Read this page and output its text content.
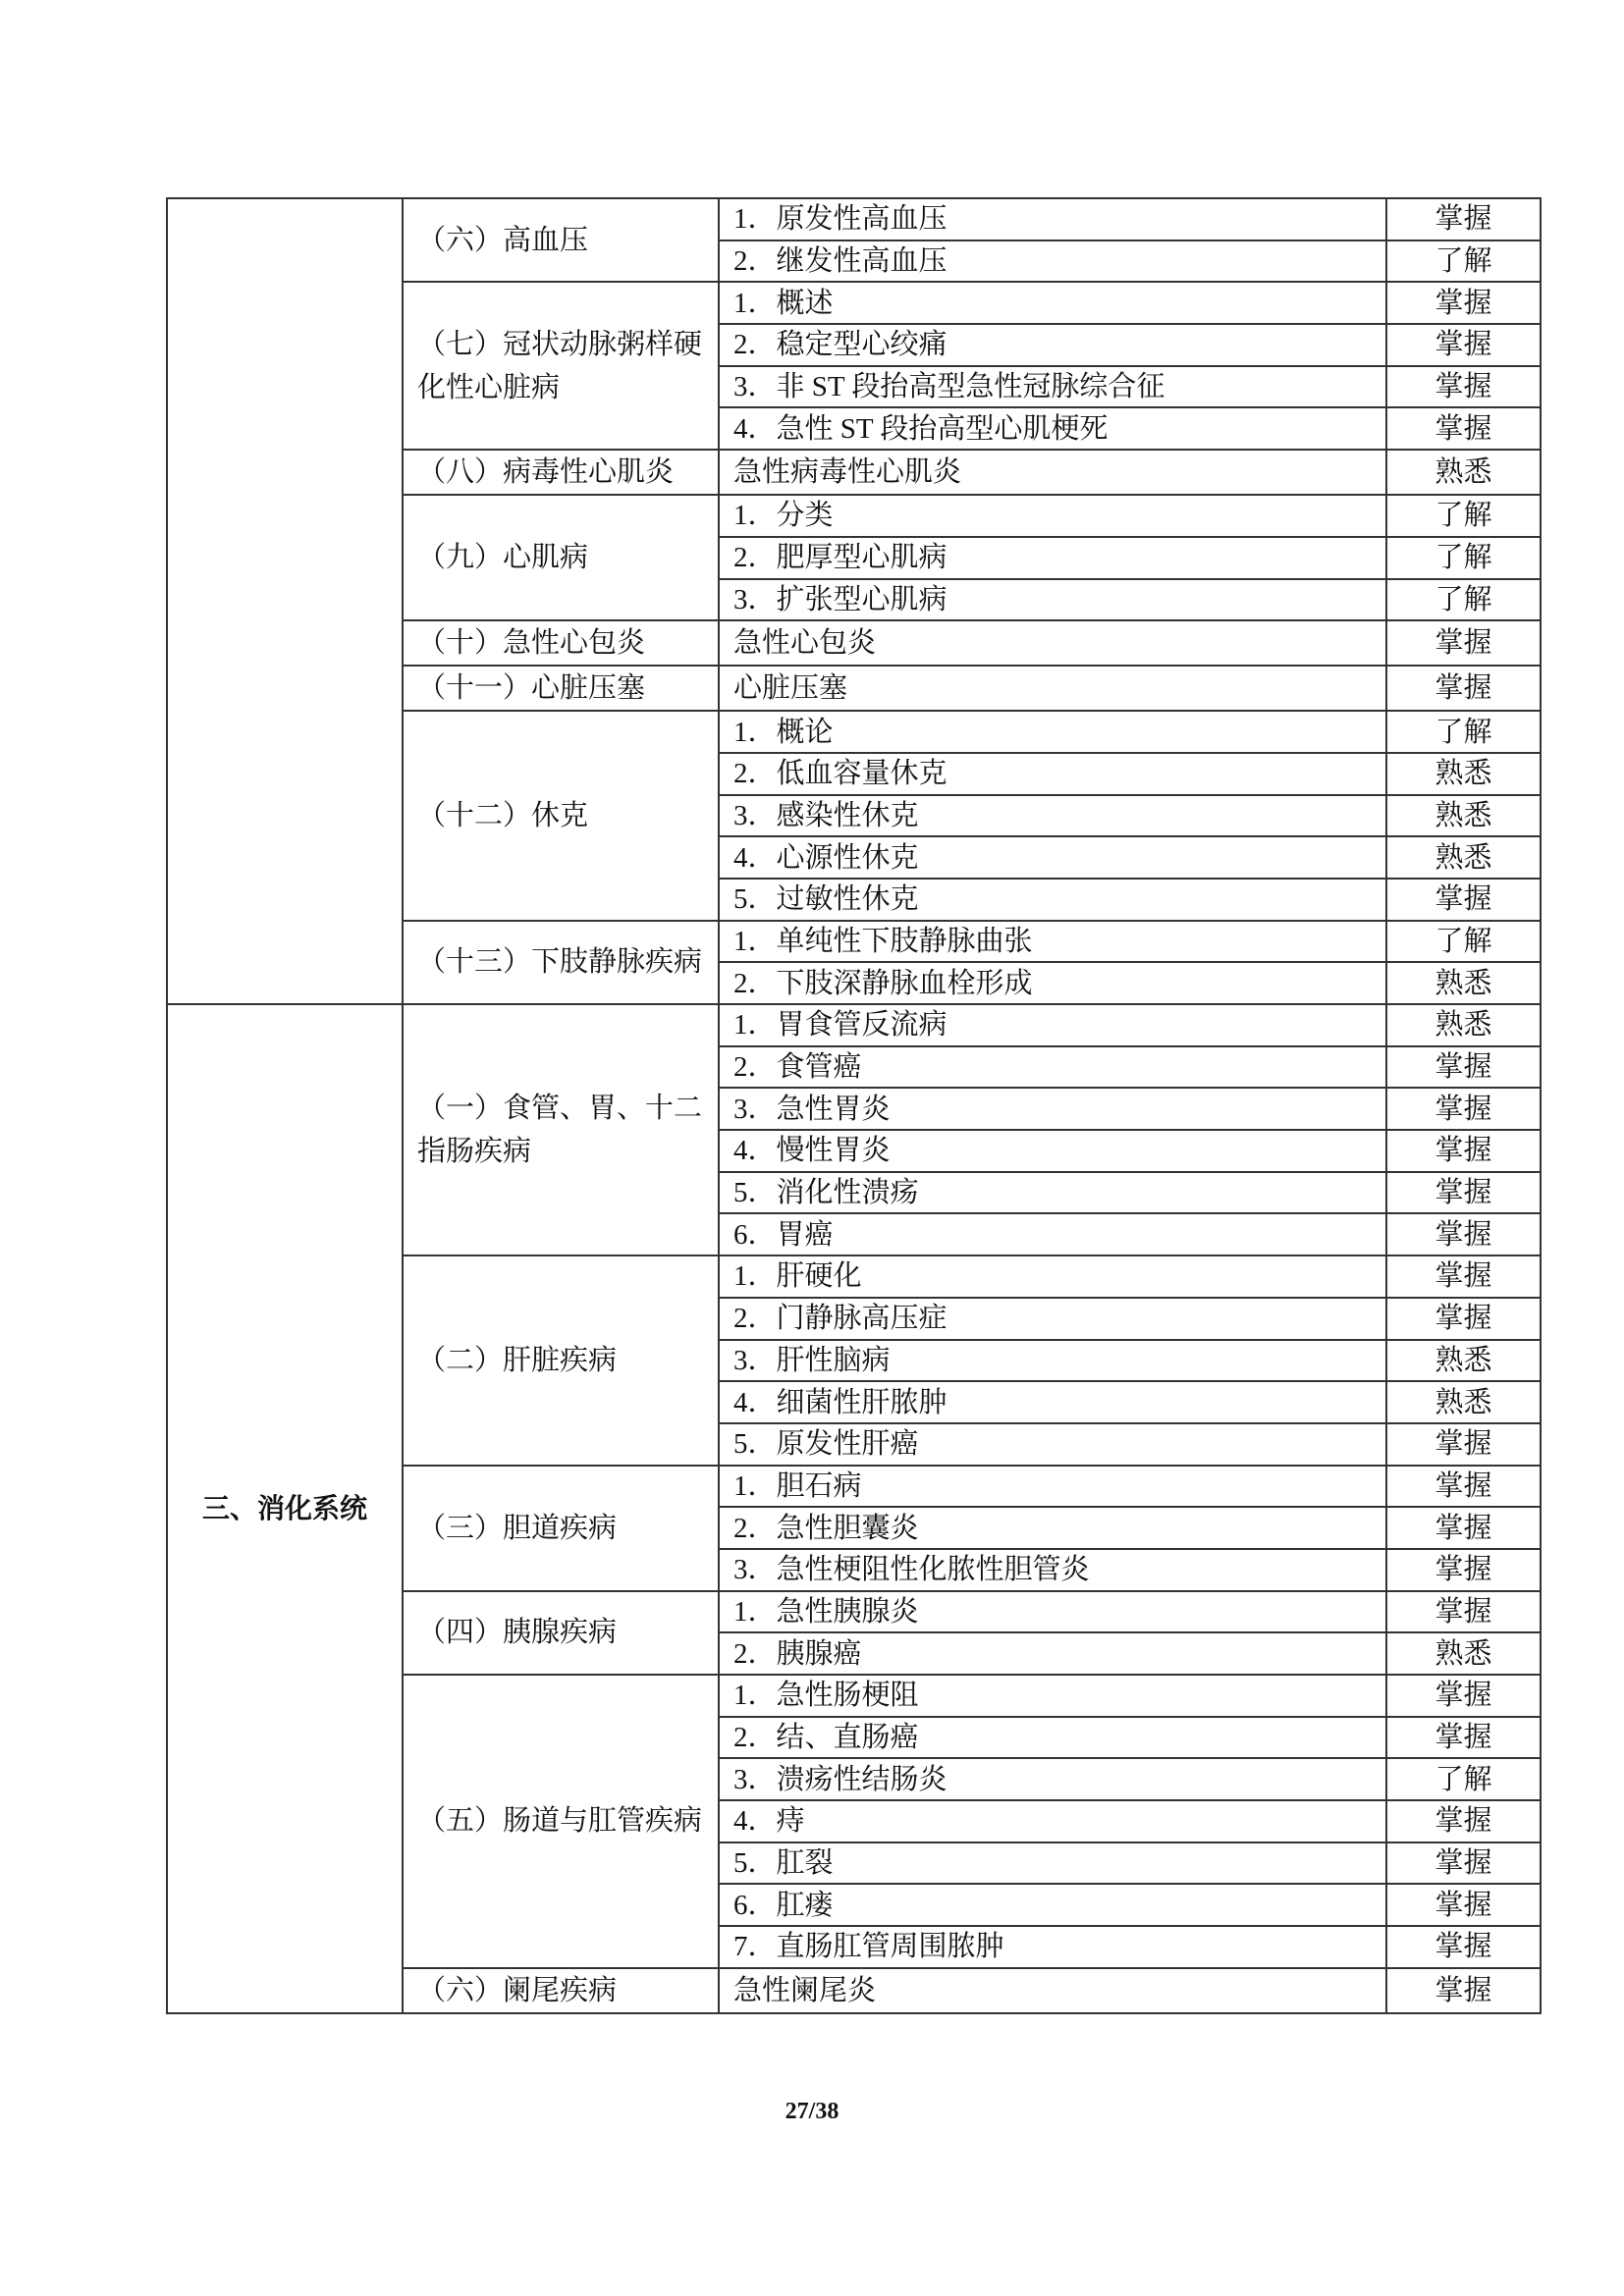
	（六）高血压	1．原发性高血压	掌握
		2．继发性高血压	了解
	（七）冠状动脉粥样硬化性心脏病	1．概述	掌握
		2．稳定型心绞痛	掌握
		3．非 ST 段抬高型急性冠脉综合征	掌握
		4．急性 ST 段抬高型心肌梗死	掌握
	（八）病毒性心肌炎	急性病毒性心肌炎	熟悉
	（九）心肌病	1．分类	了解
		2．肥厚型心肌病	了解
		3．扩张型心肌病	了解
	（十）急性心包炎	急性心包炎	掌握
	（十一）心脏压塞	心脏压塞	掌握
	（十二）休克	1．概论	了解
		2．低血容量休克	熟悉
		3．感染性休克	熟悉
		4．心源性休克	熟悉
		5．过敏性休克	掌握
	（十三）下肢静脉疾病	1．单纯性下肢静脉曲张	了解
		2．下肢深静脉血栓形成	熟悉
三、消化系统	（一）食管、胃、十二指肠疾病	1．胃食管反流病	熟悉
		2．食管癌	掌握
		3．急性胃炎	掌握
		4．慢性胃炎	掌握
		5．消化性溃疡	掌握
		6．胃癌	掌握
	（二）肝脏疾病	1．肝硬化	掌握
		2．门静脉高压症	掌握
		3．肝性脑病	熟悉
		4．细菌性肝脓肿	熟悉
		5．原发性肝癌	掌握
	（三）胆道疾病	1．胆石病	掌握
		2．急性胆囊炎	掌握
		3．急性梗阻性化脓性胆管炎	掌握
	（四）胰腺疾病	1．急性胰腺炎	掌握
		2．胰腺癌	熟悉
	（五）肠道与肛管疾病	1．急性肠梗阻	掌握
		2．结、直肠癌	掌握
		3．溃疡性结肠炎	了解
		4．痔	掌握
		5．肛裂	掌握
		6．肛瘘	掌握
		7．直肠肛管周围脓肿	掌握
	（六）阑尾疾病	急性阑尾炎	掌握
27/38
